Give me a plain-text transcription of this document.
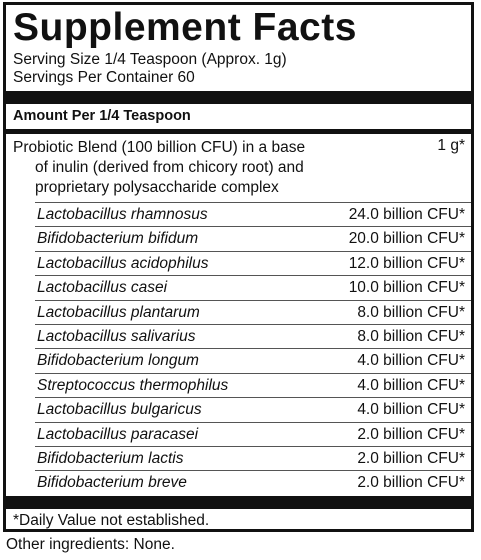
Supplement Facts
Serving Size 1/4 Teaspoon (Approx. 1g)
Servings Per Container 60
Amount Per 1/4 Teaspoon
Probiotic Blend (100 billion CFU) in a base	1 g*
of inulin (derived from chicory root) and
proprietary polysaccharide complex
Lactobacillus rhamnosus	24.0 billion CFU*
Bifidobacterium bifidum	20.0 billion CFU*
Lactobacillus acidophilus	12.0 billion CFU*
Lactobacillus casei	10.0 billion CFU*
Lactobacillus plantarum	8.0 billion CFU*
Lactobacillus salivarius	8.0 billion CFU*
Bifidobacterium longum	4.0 billion CFU*
Streptococcus thermophilus	4.0 billion CFU*
Lactobacillus bulgaricus	4.0 billion CFU*
Lactobacillus paracasei	2.0 billion CFU*
Bifidobacterium lactis	2.0 billion CFU*
Bifidobacterium breve	2.0 billion CFU*
*Daily Value not established.
Other ingredients: None.
